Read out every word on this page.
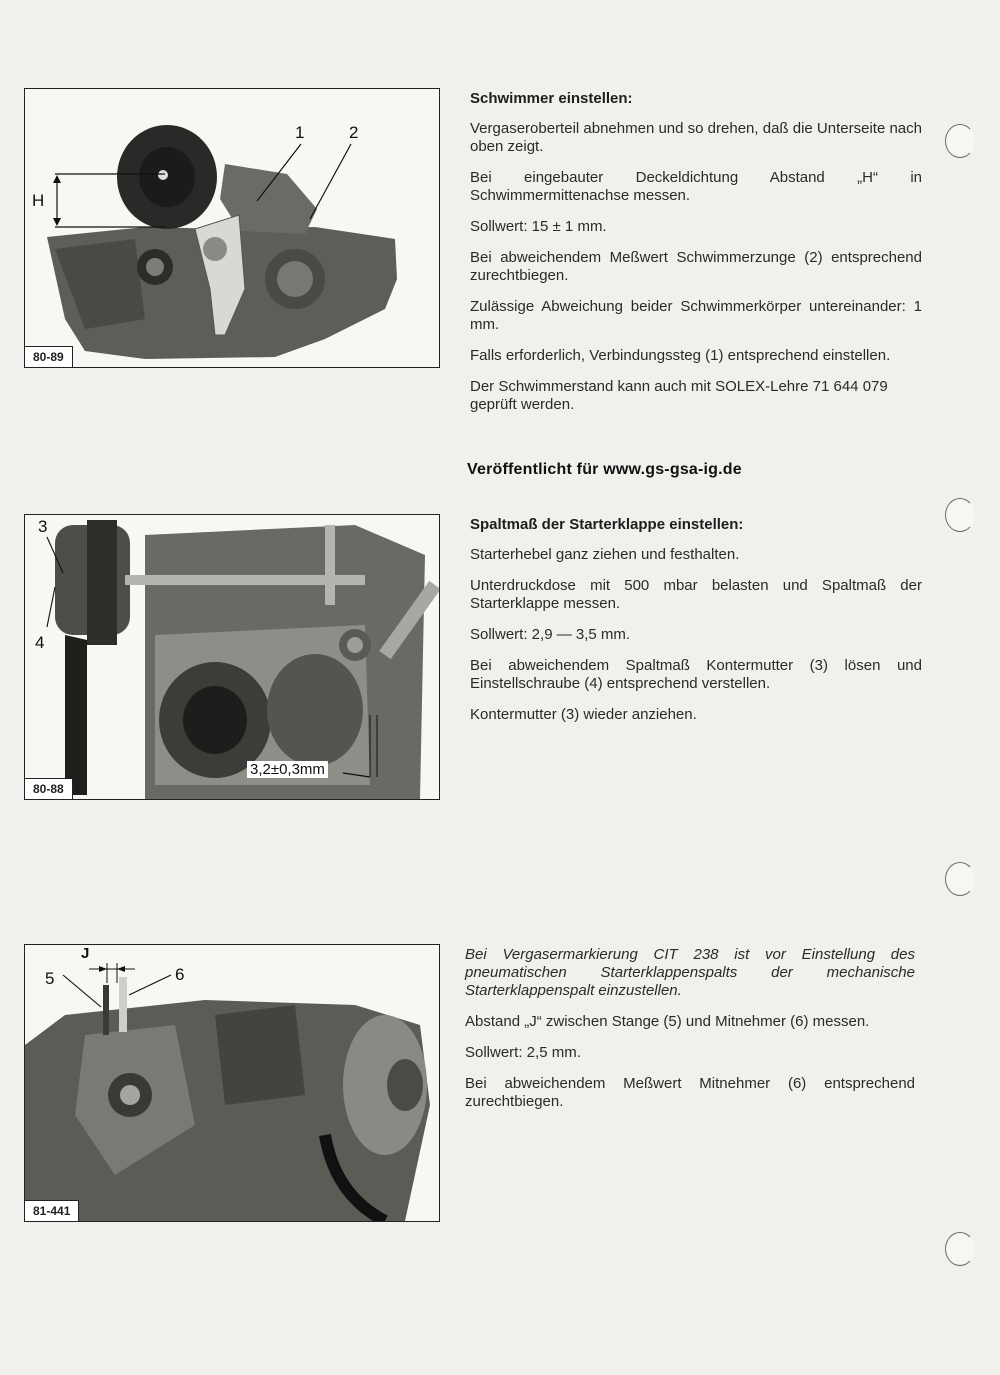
1	2
H
80-89
Schwimmer einstellen:

Vergaseroberteil abnehmen und so drehen, daß die Unterseite nach oben zeigt.

Bei eingebauter Deckeldichtung Abstand „H“ in Schwimmermittenachse messen.

Sollwert: 15 ± 1 mm.

Bei abweichendem Meßwert Schwimmerzunge (2) entsprechend zurechtbiegen.

Zulässige Abweichung beider Schwimmerkörper untereinander: 1 mm.

Falls erforderlich, Verbindungssteg (1) entsprechend einstellen.

Der Schwimmerstand kann auch mit SOLEX-Lehre 71 644 079 geprüft werden.

Veröffentlicht für www.gs-gsa-ig.de
3
4
3,2±0,3mm
80-88
Spaltmaß der Starterklappe einstellen:

Starterhebel ganz ziehen und festhalten.

Unterdruckdose mit 500 mbar belasten und Spaltmaß der Starterklappe messen.

Sollwert: 2,9 — 3,5 mm.

Bei abweichendem Spaltmaß Kontermutter (3) lösen und Einstellschraube (4) entsprechend verstellen.

Kontermutter (3) wieder anziehen.

J
5	6
81-441

Bei Vergasermarkierung CIT 238 ist vor Einstellung des pneumatischen Starterklappenspalts der mechanische Starterklappenspalt einzustellen.

Abstand „J“ zwischen Stange (5) und Mitnehmer (6) messen.

Sollwert: 2,5 mm.

Bei abweichendem Meßwert Mitnehmer (6) entsprechend zurechtbiegen.
